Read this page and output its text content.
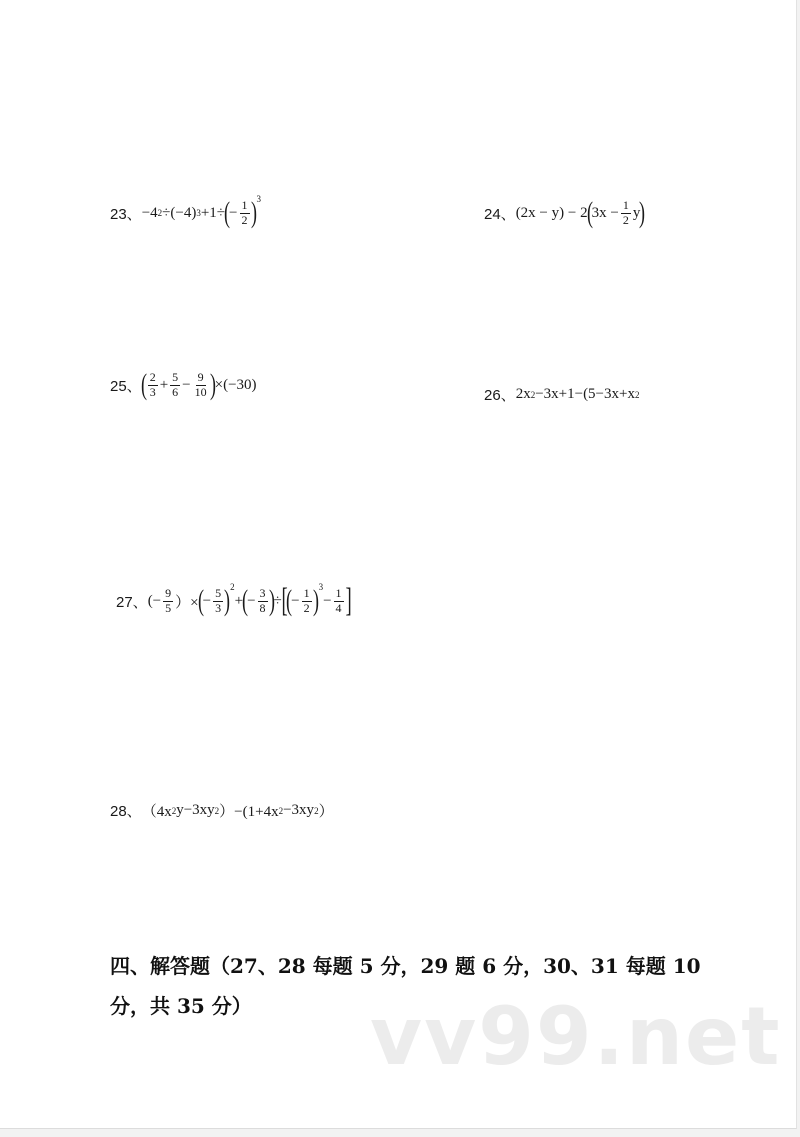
23、 −4 2 ÷ (−4) 3 +1÷ ( − $\frac{1}{2}$ ) 3
24、 (2x − y) − 2 ( $3x - \frac{1}{2}$ y )
25、 ( $\frac{2}{3} + \frac{5}{6} - \frac{9}{10}$ ) ×(−30)
26、 2x 2 −3x+1−(5−3x+x 2
27、 (− $\frac{9}{5}$ ）× ( − $\frac{5}{3}$ ) 2
+ ( − $\frac{3}{8}$ ) ÷ [
( − $\frac{1}{2}$ ) 3
− $\frac{1}{4}$ ]
28、 （4x 2 y−3xy 2 ）−(1+4x 2 −3xy 2 ）
四、解答题（27、28 每题 5 分，29 题 6 分，30、31 每题 10
分，共 35 分） vv99.net
